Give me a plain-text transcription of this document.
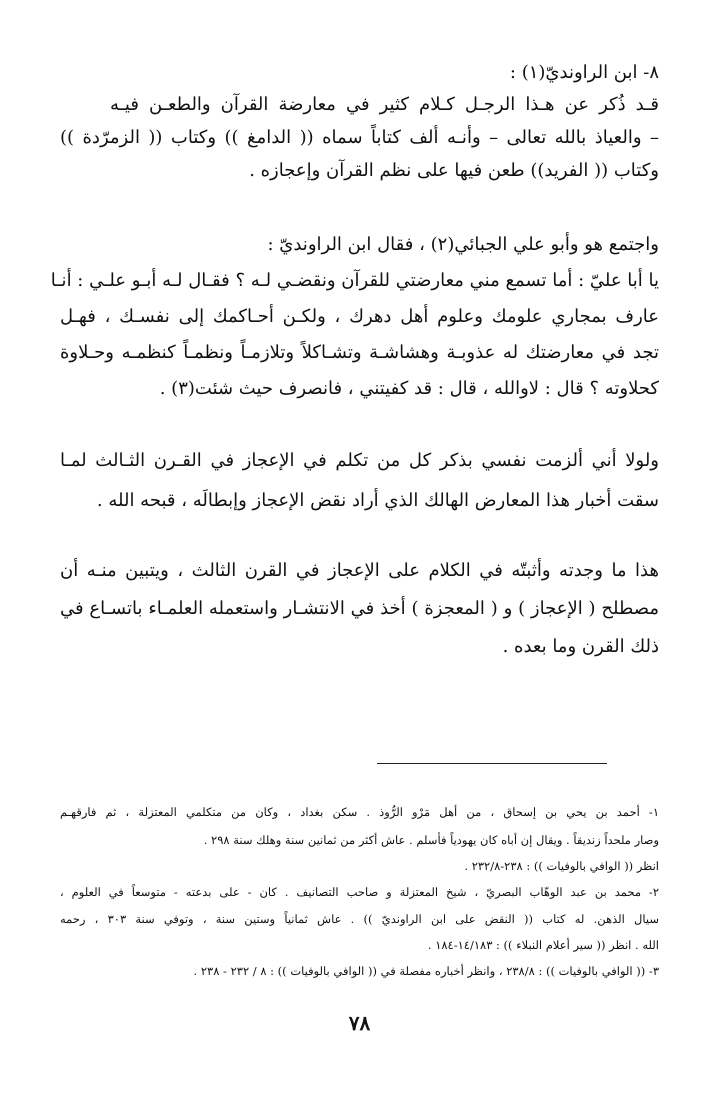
٨- ابن الراونديّ(١) :
قـد ذُكر عن هـذا الرجـل كـلام كثير في معارضة القرآن والطعـن فيـه
– والعياذ بالله تعالى – وأنـه ألف كتاباً سماه (( الدامغ )) وكتاب (( الزمرّدة ))
وكتاب (( الفريد)) طعن فيها على نظم القرآن وإعجازه .
واجتمع هو وأبو علي الجبائي(٢) ، فقال ابن الراونديّ :
يا أبا عليّ : أما تسمع مني معارضتي للقرآن ونقضـي لـه ؟ فقـال لـه أبـو علـي : أنـا
عارف بمجاري علومك وعلوم أهل دهرك ، ولكـن أحـاكمك إلى نفسـك ، فهـل
تجد في معارضتك له عذوبـة وهشاشـة وتشـاكلاً وتلازمـاً ونظمـاً كنظمـه وحـلاوة
كحلاوته ؟ قال : لاوالله ، قال : قد كفيتني ، فانصرف حيث شئت(٣) .
ولولا أني ألزمت نفسي بذكر كل من تكلم في الإعجاز في القـرن الثـالث لمـا
سقت أخبار هذا المعارض الهالك الذي أراد نقض الإعجاز وإبطالَه ، قبحه الله .
هذا ما وجدته وأثبتّه في الكلام على الإعجاز في القرن الثالث ، ويتبين منـه أن
مصطلح ( الإعجاز ) و ( المعجزة ) أخذ في الانتشـار واستعمله العلمـاء باتسـاع في
ذلك القرن وما بعده .
١- أحمد بن يحي بن إسحاق ، من أهل مَرْو الرُّوذ . سكن بغداد ، وكان من متكلمي المعتزلة ، ثم فارقهـم
وصار ملحداً زنديقاً . ويقال إن أباه كان يهودياً فأسلم . عاش أكثر من ثمانين سنة وهلك سنة ٢٩٨ .
انظر (( الوافي بالوفيات )) : ٢٣٨-٢٣٢/٨ .
٢- محمد بن عبد الوهّاب البصريّ ، شيخ المعتزلة و صاحب التصانيف . كان - على بدعته - متوسعاً في العلوم ،
سيال الذهن. له كتاب (( النقض على ابن الراونديّ )) . عاش ثمانياً وستين سنة ، وتوفي سنة ٣٠٣ ، رحمه
الله . انظر (( سير أعلام النبلاء )) : ١٤/١٨٣-١٨٤ .
٣- (( الوافي بالوفيات )) : ٢٣٨/٨ ، وانظر أخباره مفصلة في (( الوافي بالوفيات )) : ٨ / ٢٣٢ - ٢٣٨ .
٧٨
